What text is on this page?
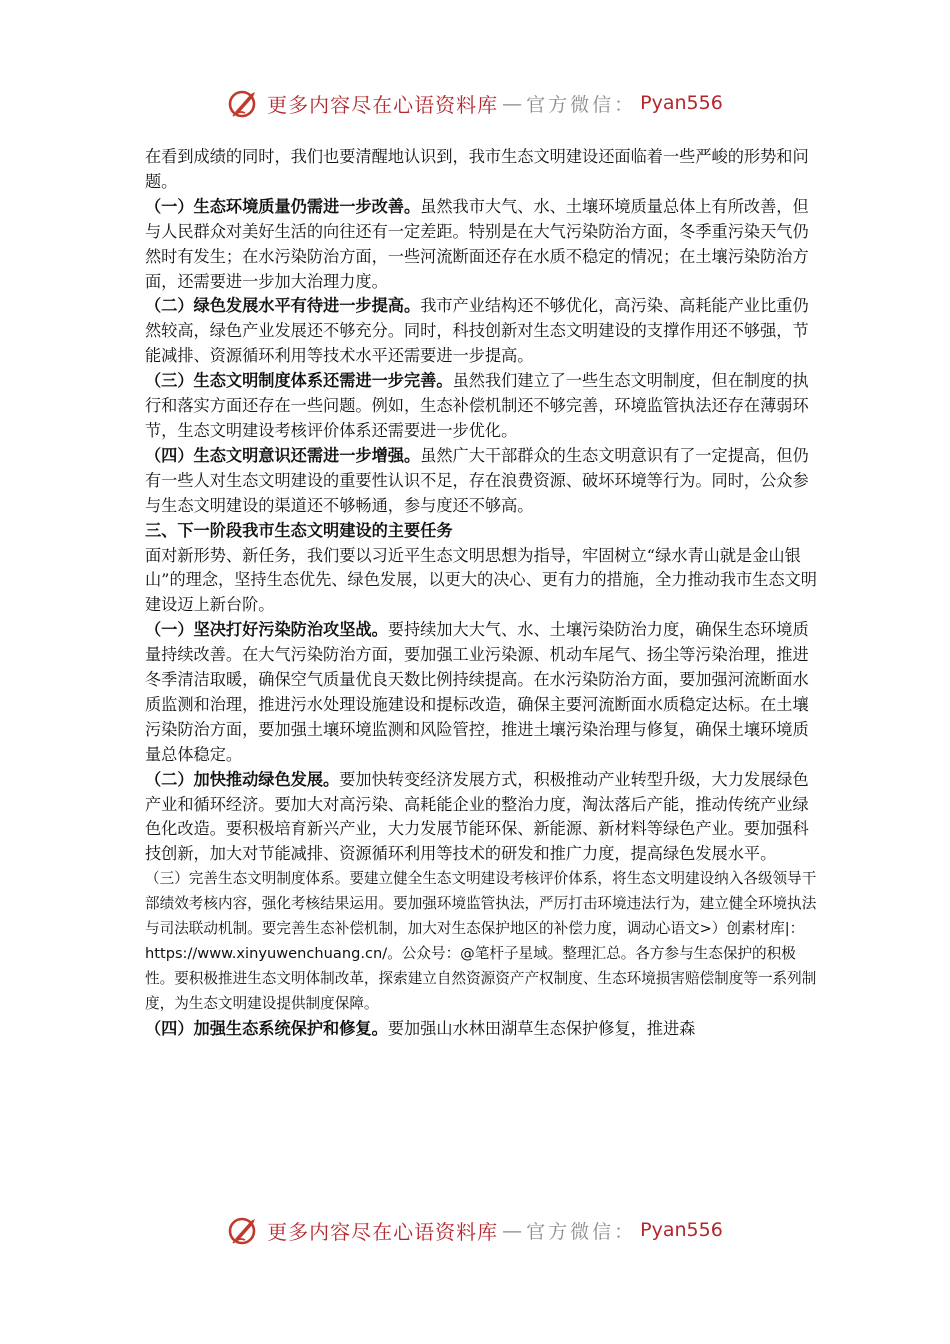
更多内容尽在心语资料库 — 官方微信： Pyan556

在看到成绩的同时，我们也要清醒地认识到，我市生态文明建设还面临着一些严峻的形势和问题。

（一）生态环境质量仍需进一步改善。虽然我市大气、水、土壤环境质量总体上有所改善，但与人民群众对美好生活的向往还有一定差距。特别是在大气污染防治方面，冬季重污染天气仍然时有发生；在水污染防治方面，一些河流断面还存在水质不稳定的情况；在土壤污染防治方面，还需要进一步加大治理力度。

（二）绿色发展水平有待进一步提高。我市产业结构还不够优化，高污染、高耗能产业比重仍然较高，绿色产业发展还不够充分。同时，科技创新对生态文明建设的支撑作用还不够强，节能减排、资源循环利用等技术水平还需要进一步提高。

（三）生态文明制度体系还需进一步完善。虽然我们建立了一些生态文明制度，但在制度的执行和落实方面还存在一些问题。例如，生态补偿机制还不够完善，环境监管执法还存在薄弱环节，生态文明建设考核评价体系还需要进一步优化。

（四）生态文明意识还需进一步增强。虽然广大干部群众的生态文明意识有了一定提高，但仍有一些人对生态文明建设的重要性认识不足，存在浪费资源、破坏环境等行为。同时，公众参与生态文明建设的渠道还不够畅通，参与度还不够高。

三、下一阶段我市生态文明建设的主要任务

面对新形势、新任务，我们要以习近平生态文明思想为指导，牢固树立“绿水青山就是金山银山”的理念，坚持生态优先、绿色发展，以更大的决心、更有力的措施，全力推动我市生态文明建设迈上新台阶。

（一）坚决打好污染防治攻坚战。要持续加大大气、水、土壤污染防治力度，确保生态环境质量持续改善。在大气污染防治方面，要加强工业污染源、机动车尾气、扬尘等污染治理，推进冬季清洁取暖，确保空气质量优良天数比例持续提高。在水污染防治方面，要加强河流断面水质监测和治理，推进污水处理设施建设和提标改造，确保主要河流断面水质稳定达标。在土壤污染防治方面，要加强土壤环境监测和风险管控，推进土壤污染治理与修复，确保土壤环境质量总体稳定。

（二）加快推动绿色发展。要加快转变经济发展方式，积极推动产业转型升级，大力发展绿色产业和循环经济。要加大对高污染、高耗能企业的整治力度，淘汰落后产能，推动传统产业绿色化改造。要积极培育新兴产业，大力发展节能环保、新能源、新材料等绿色产业。要加强科技创新，加大对节能减排、资源循环利用等技术的研发和推广力度，提高绿色发展水平。

（三）完善生态文明制度体系。要建立健全生态文明建设考核评价体系，将生态文明建设纳入各级领导干部绩效考核内容，强化考核结果运用。要加强环境监管执法，严厉打击环境违法行为，建立健全环境执法与司法联动机制。要完善生态补偿机制，加大对生态保护地区的补偿力度，调动心语文>）创素材库|：https://www.xinyuwenchuang.cn/。公众号：@笔杆子星域。整理汇总。各方参与生态保护的积极性。要积极推进生态文明体制改革，探索建立自然资源资产产权制度、生态环境损害赔偿制度等一系列制度，为生态文明建设提供制度保障。

（四）加强生态系统保护和修复。要加强山水林田湖草生态保护修复，推进森

更多内容尽在心语资料库 — 官方微信： Pyan556
